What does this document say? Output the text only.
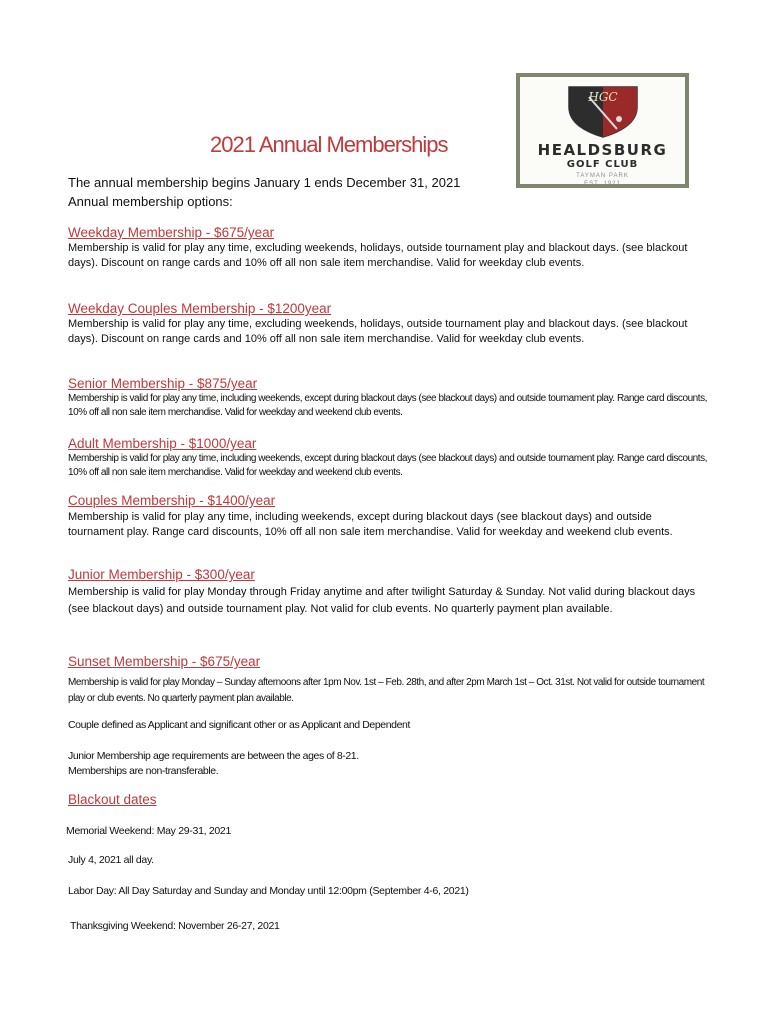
HGC
HEALDSBURG
GOLF CLUB
TAYMAN PARK
EST. 1921
2021 Annual Memberships
The annual membership begins January 1 ends December 31, 2021
Annual membership options:
Weekday Membership - $675/year
Membership is valid for play any time, excluding weekends, holidays, outside tournament play and blackout days. (see blackout days). Discount on range cards and 10% off all non sale item merchandise. Valid for weekday club events.
Weekday Couples Membership - $1200year
Membership is valid for play any time, excluding weekends, holidays, outside tournament play and blackout days. (see blackout days). Discount on range cards and 10% off all non sale item merchandise. Valid for weekday club events.
Senior Membership - $875/year
Membership is valid for play any time, including weekends, except during blackout days (see blackout days) and outside tournament play. Range card discounts, 10% off all non sale item merchandise. Valid for weekday and weekend club events.
Adult Membership - $1000/year
Membership is valid for play any time, including weekends, except during blackout days (see blackout days) and outside tournament play. Range card discounts, 10% off all non sale item merchandise. Valid for weekday and weekend club events.
Couples Membership - $1400/year
Membership is valid for play any time, including weekends, except during blackout days (see blackout days) and outside tournament play. Range card discounts, 10% off all non sale item merchandise. Valid for weekday and weekend club events.
Junior Membership - $300/year
Membership is valid for play Monday through Friday anytime and after twilight Saturday & Sunday. Not valid during blackout days (see blackout days) and outside tournament play. Not valid for club events. No quarterly payment plan available.
Sunset Membership - $675/year
Membership is valid for play Monday – Sunday afternoons after 1pm Nov. 1st – Feb. 28th, and after 2pm March 1st – Oct. 31st. Not valid for outside tournament play or club events. No quarterly payment plan available.
Couple defined as Applicant and significant other or as Applicant and Dependent
Junior Membership age requirements are between the ages of 8-21.
Memberships are non-transferable.
Blackout dates
Memorial Weekend: May 29-31, 2021
July 4, 2021 all day.
Labor Day: All Day Saturday and Sunday and Monday until 12:00pm (September 4-6, 2021)
Thanksgiving Weekend: November 26-27, 2021
